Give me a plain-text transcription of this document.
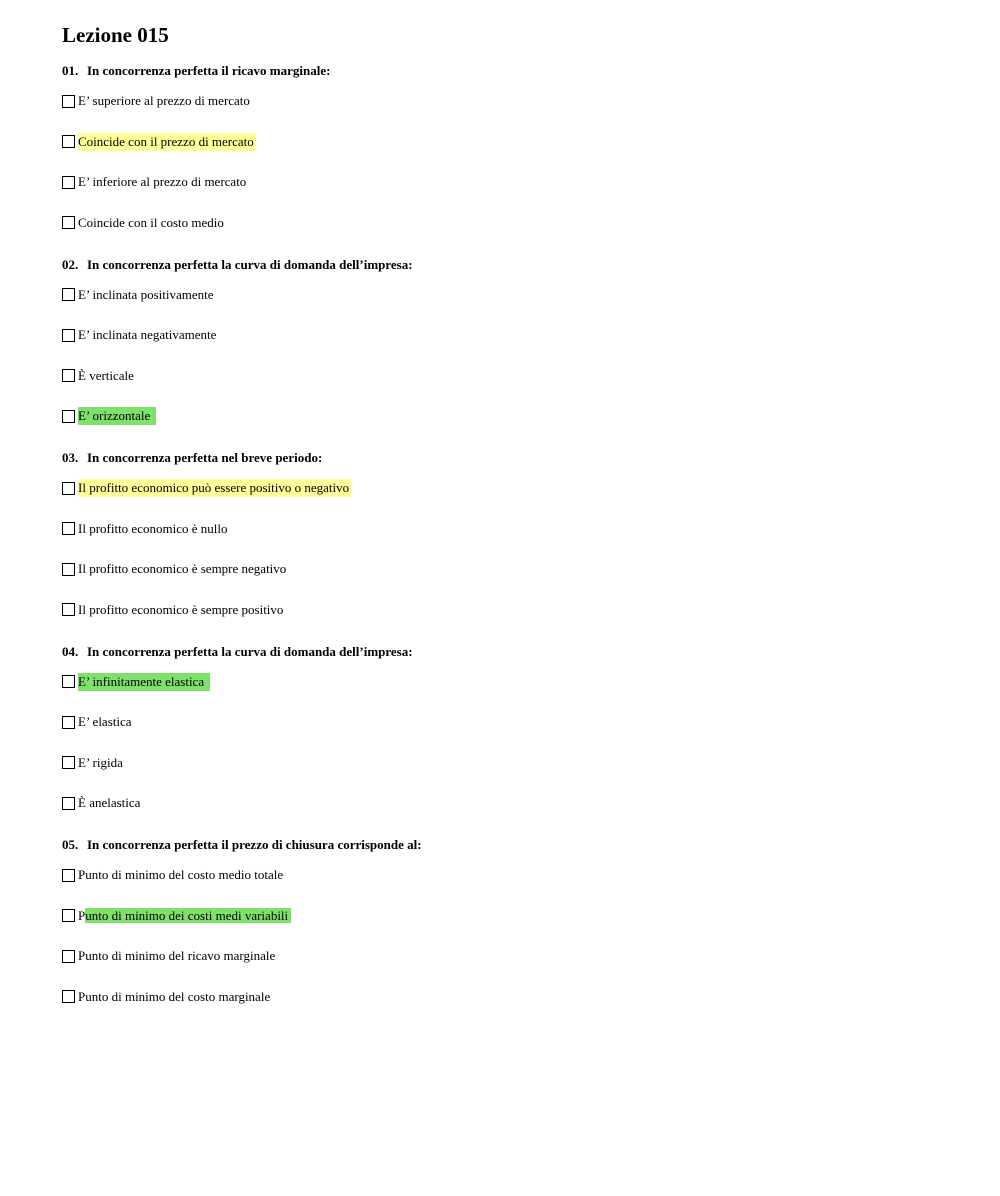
Lezione 015
01. In concorrenza perfetta il ricavo marginale:
E’ superiore al prezzo di mercato
Coincide con il prezzo di mercato
E’ inferiore al prezzo di mercato
Coincide con il costo medio
02. In concorrenza perfetta la curva di domanda dell’impresa:
E’ inclinata positivamente
E’ inclinata negativamente
È verticale
E’ orizzontale
03. In concorrenza perfetta nel breve periodo:
Il profitto economico può essere positivo o negativo
Il profitto economico è nullo
Il profitto economico è sempre negativo
Il profitto economico è sempre positivo
04. In concorrenza perfetta la curva di domanda dell’impresa:
E’ infinitamente elastica
E’ elastica
E’ rigida
È anelastica
05. In concorrenza perfetta il prezzo di chiusura corrisponde al:
Punto di minimo del costo medio totale
Punto di minimo dei costi medi variabili
Punto di minimo del ricavo marginale
Punto di minimo del costo marginale
